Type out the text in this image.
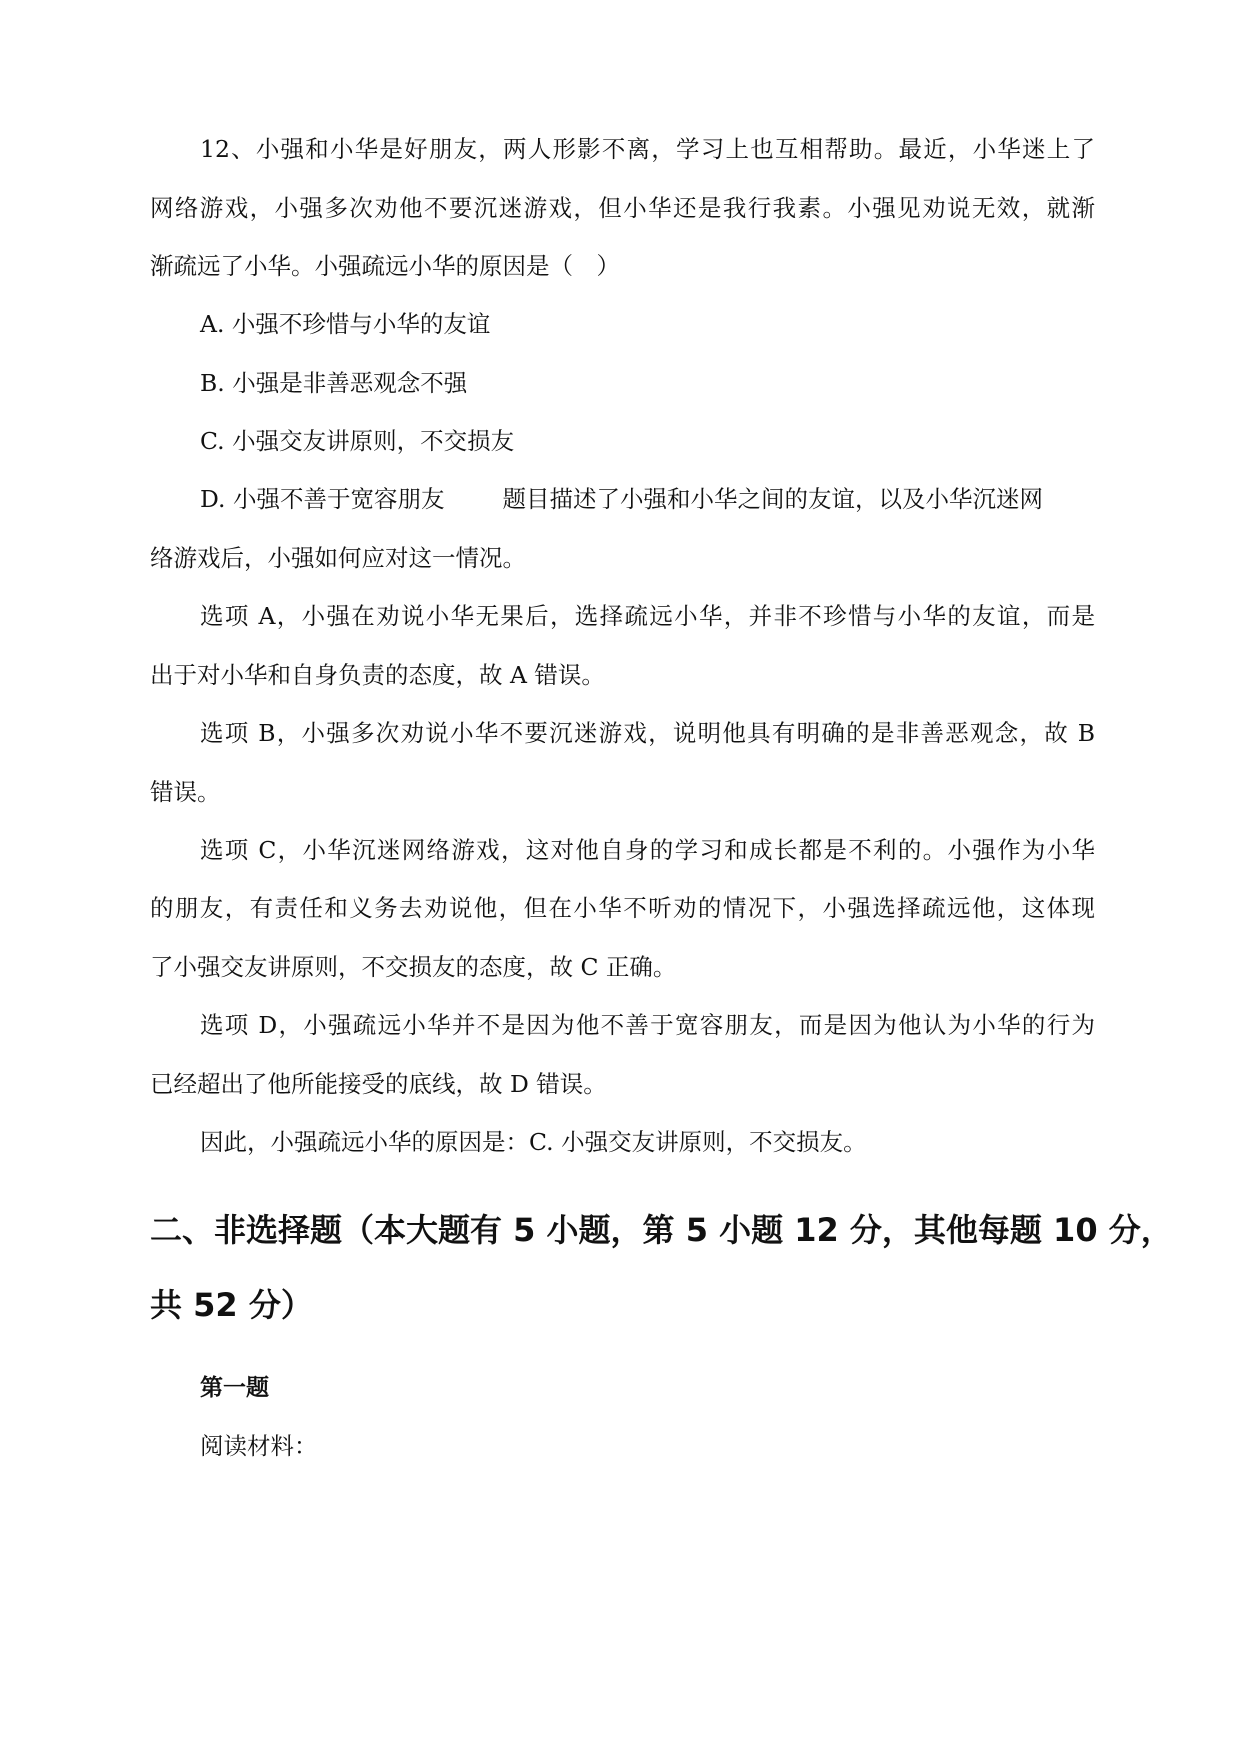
12、小强和小华是好朋友，两人形影不离，学习上也互相帮助。最近，小华迷上了
网络游戏，小强多次劝他不要沉迷游戏，但小华还是我行我素。小强见劝说无效，就渐
渐疏远了小华。小强疏远小华的原因是（　）
A. 小强不珍惜与小华的友谊
B. 小强是非善恶观念不强
C. 小强交友讲原则，不交损友
D. 小强不善于宽容朋友 题目描述了小强和小华之间的友谊，以及小华沉迷网
络游戏后，小强如何应对这一情况。
选项 A，小强在劝说小华无果后，选择疏远小华，并非不珍惜与小华的友谊，而是
出于对小华和自身负责的态度，故 A 错误。
选项 B，小强多次劝说小华不要沉迷游戏，说明他具有明确的是非善恶观念，故 B
错误。
选项 C，小华沉迷网络游戏，这对他自身的学习和成长都是不利的。小强作为小华
的朋友，有责任和义务去劝说他，但在小华不听劝的情况下，小强选择疏远他，这体现
了小强交友讲原则，不交损友的态度，故 C 正确。
选项 D，小强疏远小华并不是因为他不善于宽容朋友，而是因为他认为小华的行为
已经超出了他所能接受的底线，故 D 错误。
因此，小强疏远小华的原因是：C. 小强交友讲原则，不交损友。
二、非选择题（本大题有 5 小题，第 5 小题 12 分，其他每题 10 分，
共 52 分）
第一题
阅读材料：
